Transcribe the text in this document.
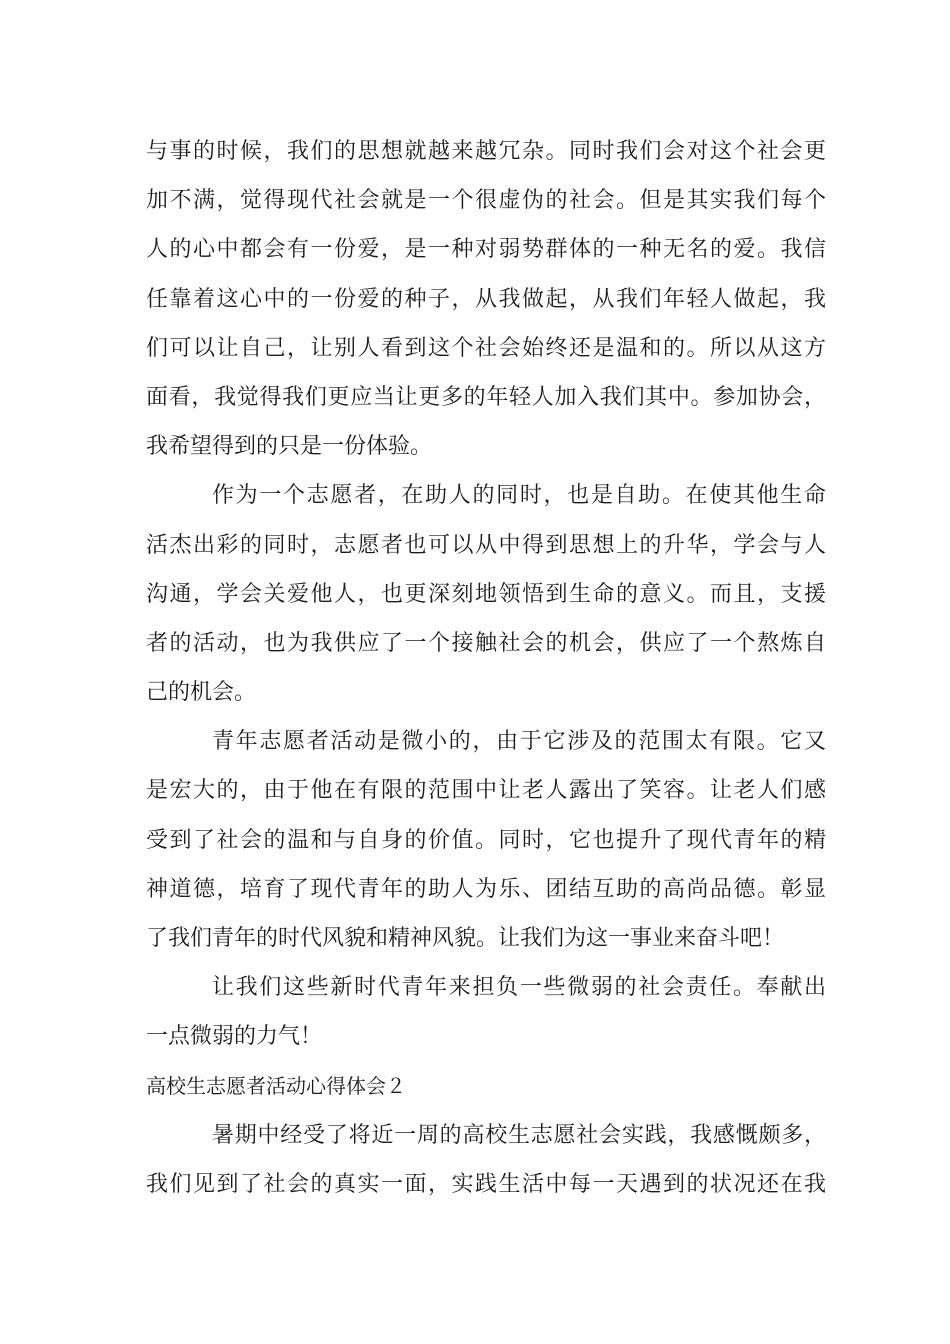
与事的时候，我们的思想就越来越冗杂。同时我们会对这个社会更
加不满，觉得现代社会就是一个很虚伪的社会。但是其实我们每个
人的心中都会有一份爱，是一种对弱势群体的一种无名的爱。我信
任靠着这心中的一份爱的种子，从我做起，从我们年轻人做起，我
们可以让自己，让别人看到这个社会始终还是温和的。所以从这方
面看，我觉得我们更应当让更多的年轻人加入我们其中。参加协会，
我希望得到的只是一份体验。
作为一个志愿者，在助人的同时，也是自助。在使其他生命
活杰出彩的同时，志愿者也可以从中得到思想上的升华，学会与人
沟通，学会关爱他人，也更深刻地领悟到生命的意义。而且，支援
者的活动，也为我供应了一个接触社会的机会，供应了一个熬炼自
己的机会。
青年志愿者活动是微小的，由于它涉及的范围太有限。它又
是宏大的，由于他在有限的范围中让老人露出了笑容。让老人们感
受到了社会的温和与自身的价值。同时，它也提升了现代青年的精
神道德，培育了现代青年的助人为乐、团结互助的高尚品德。彰显
了我们青年的时代风貌和精神风貌。让我们为这一事业来奋斗吧！
让我们这些新时代青年来担负一些微弱的社会责任。奉献出
一点微弱的力气！
高校生志愿者活动心得体会２
暑期中经受了将近一周的高校生志愿社会实践，我感慨颇多，
我们见到了社会的真实一面，实践生活中每一天遇到的状况还在我
